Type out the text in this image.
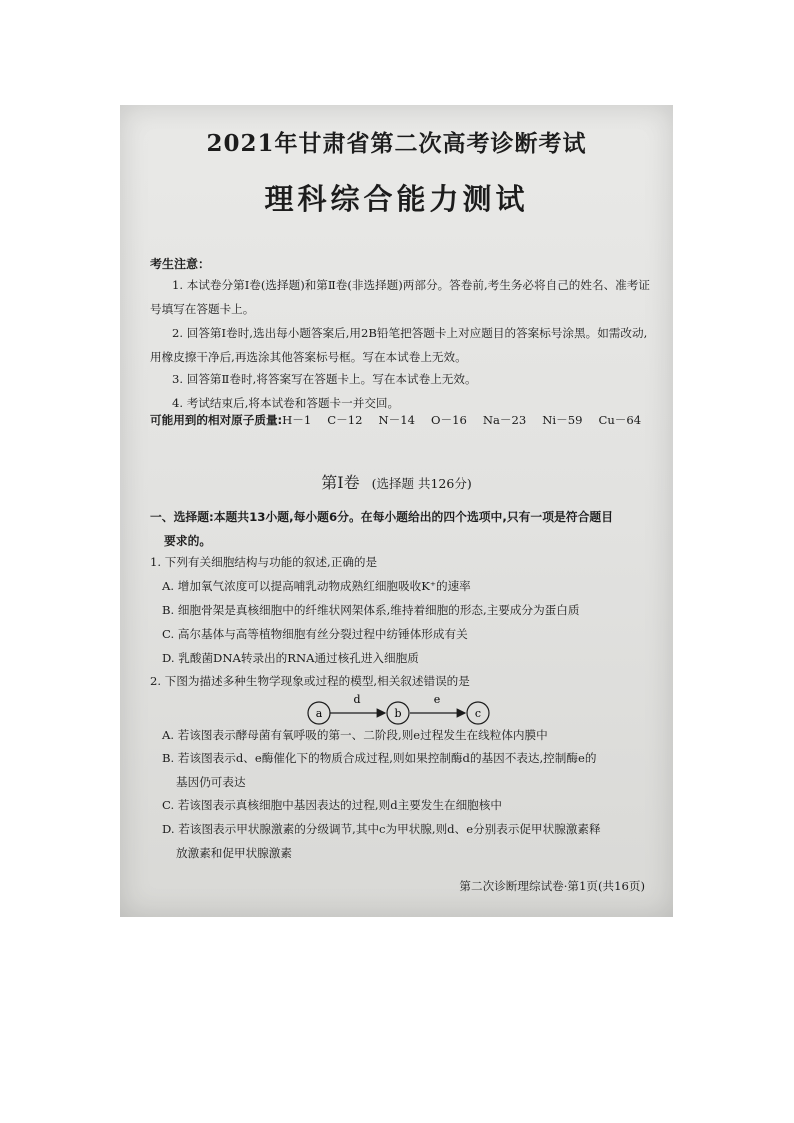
2021年甘肃省第二次高考诊断考试
理科综合能力测试
考生注意：
1. 本试卷分第Ⅰ卷(选择题)和第Ⅱ卷(非选择题)两部分。答卷前,考生务必将自己的姓名、准考证号填写在答题卡上。
2. 回答第Ⅰ卷时,选出每小题答案后,用2B铅笔把答题卡上对应题目的答案标号涂黑。如需改动,用橡皮擦干净后,再选涂其他答案标号框。写在本试卷上无效。
3. 回答第Ⅱ卷时,将答案写在答题卡上。写在本试卷上无效。
4. 考试结束后,将本试卷和答题卡一并交回。
可能用到的相对原子质量:H－1 C－12 N－14 O－16 Na－23 Ni－59 Cu－64
第Ⅰ卷 (选择题 共126分)
一、选择题:本题共13小题,每小题6分。在每小题给出的四个选项中,只有一项是符合题目
要求的。
1. 下列有关细胞结构与功能的叙述,正确的是
A. 增加氧气浓度可以提高哺乳动物成熟红细胞吸收K⁺的速率
B. 细胞骨架是真核细胞中的纤维状网架体系,维持着细胞的形态,主要成分为蛋白质
C. 高尔基体与高等植物细胞有丝分裂过程中纺锤体形成有关
D. 乳酸菌DNA转录出的RNA通过核孔进入细胞质
2. 下图为描述多种生物学现象或过程的模型,相关叙述错误的是
a	b	c
d	e
A. 若该图表示酵母菌有氧呼吸的第一、二阶段,则e过程发生在线粒体内膜中
B. 若该图表示d、e酶催化下的物质合成过程,则如果控制酶d的基因不表达,控制酶e的
基因仍可表达
C. 若该图表示真核细胞中基因表达的过程,则d主要发生在细胞核中
D. 若该图表示甲状腺激素的分级调节,其中c为甲状腺,则d、e分别表示促甲状腺激素释
放激素和促甲状腺激素
第二次诊断理综试卷·第1页(共16页)
